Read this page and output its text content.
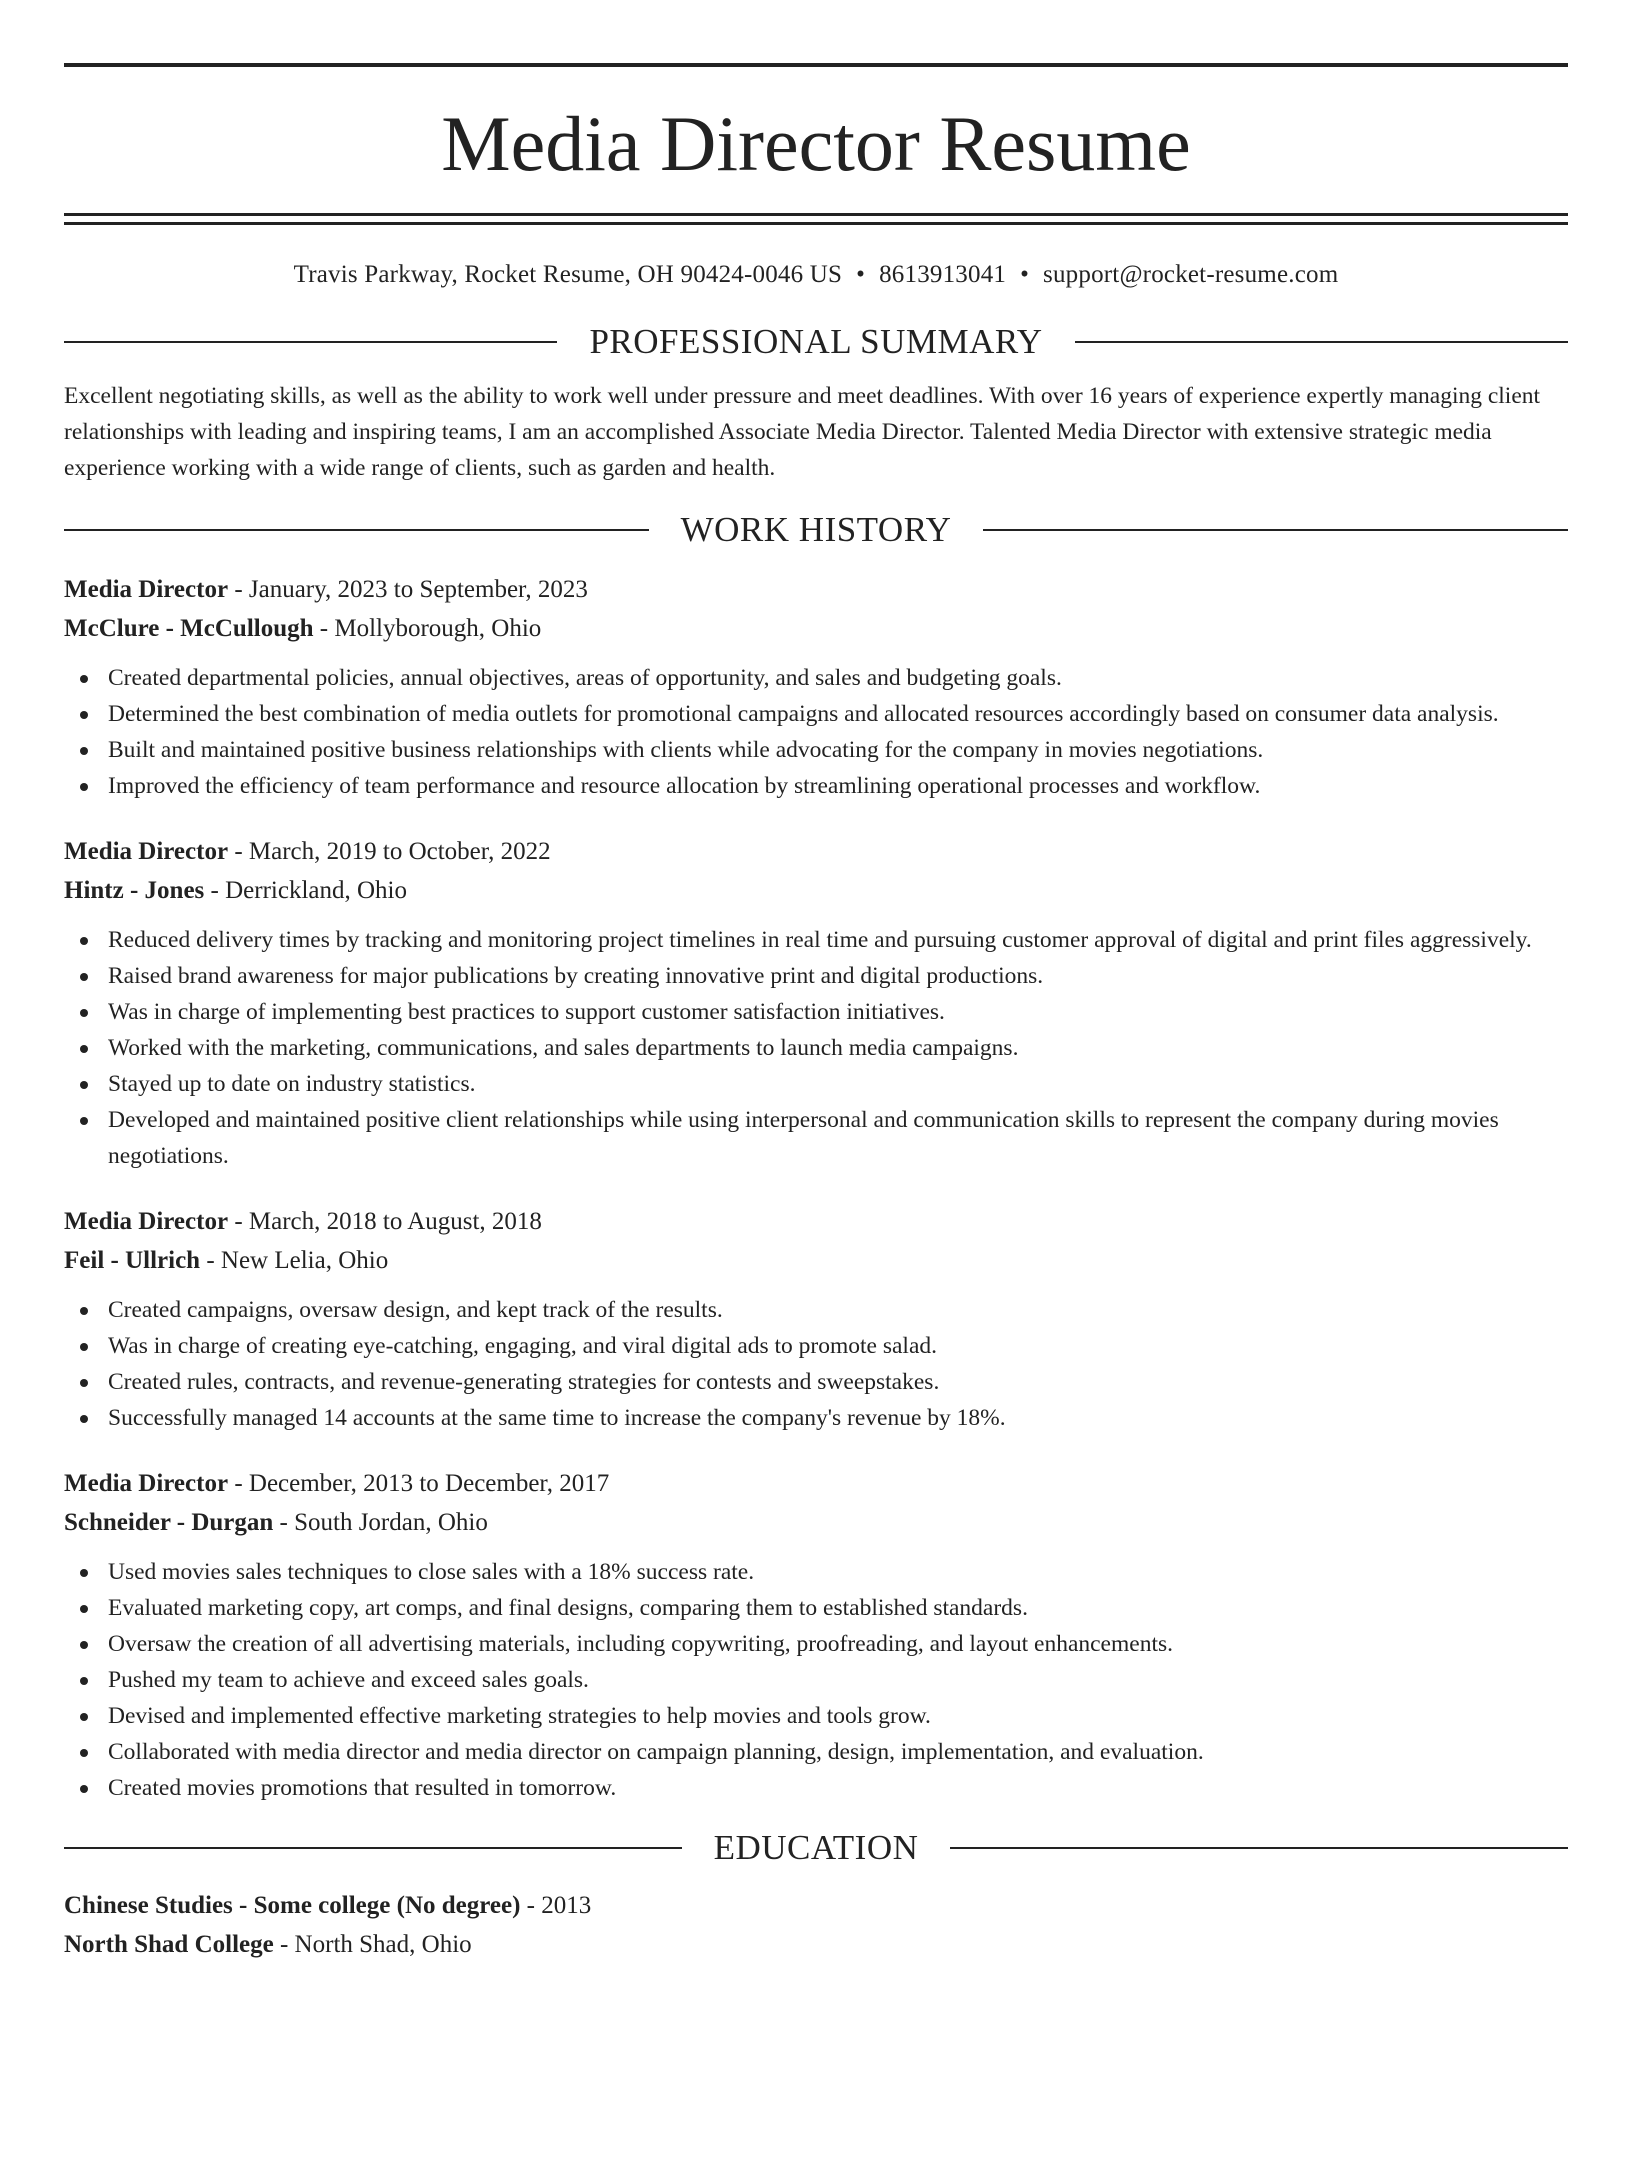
Media Director Resume
Travis Parkway, Rocket Resume, OH 90424-0046 US • 8613913041 • support@rocket-resume.com
PROFESSIONAL SUMMARY
Excellent negotiating skills, as well as the ability to work well under pressure and meet deadlines. With over 16 years of experience expertly managing client relationships with leading and inspiring teams, I am an accomplished Associate Media Director. Talented Media Director with extensive strategic media experience working with a wide range of clients, such as garden and health.
WORK HISTORY
Media Director - January, 2023 to September, 2023
McClure - McCullough - Mollyborough, Ohio
Created departmental policies, annual objectives, areas of opportunity, and sales and budgeting goals.
Determined the best combination of media outlets for promotional campaigns and allocated resources accordingly based on consumer data analysis.
Built and maintained positive business relationships with clients while advocating for the company in movies negotiations.
Improved the efficiency of team performance and resource allocation by streamlining operational processes and workflow.
Media Director - March, 2019 to October, 2022
Hintz - Jones - Derrickland, Ohio
Reduced delivery times by tracking and monitoring project timelines in real time and pursuing customer approval of digital and print files aggressively.
Raised brand awareness for major publications by creating innovative print and digital productions.
Was in charge of implementing best practices to support customer satisfaction initiatives.
Worked with the marketing, communications, and sales departments to launch media campaigns.
Stayed up to date on industry statistics.
Developed and maintained positive client relationships while using interpersonal and communication skills to represent the company during movies negotiations.
Media Director - March, 2018 to August, 2018
Feil - Ullrich - New Lelia, Ohio
Created campaigns, oversaw design, and kept track of the results.
Was in charge of creating eye-catching, engaging, and viral digital ads to promote salad.
Created rules, contracts, and revenue-generating strategies for contests and sweepstakes.
Successfully managed 14 accounts at the same time to increase the company's revenue by 18%.
Media Director - December, 2013 to December, 2017
Schneider - Durgan - South Jordan, Ohio
Used movies sales techniques to close sales with a 18% success rate.
Evaluated marketing copy, art comps, and final designs, comparing them to established standards.
Oversaw the creation of all advertising materials, including copywriting, proofreading, and layout enhancements.
Pushed my team to achieve and exceed sales goals.
Devised and implemented effective marketing strategies to help movies and tools grow.
Collaborated with media director and media director on campaign planning, design, implementation, and evaluation.
Created movies promotions that resulted in tomorrow.
EDUCATION
Chinese Studies - Some college (No degree) - 2013
North Shad College - North Shad, Ohio
